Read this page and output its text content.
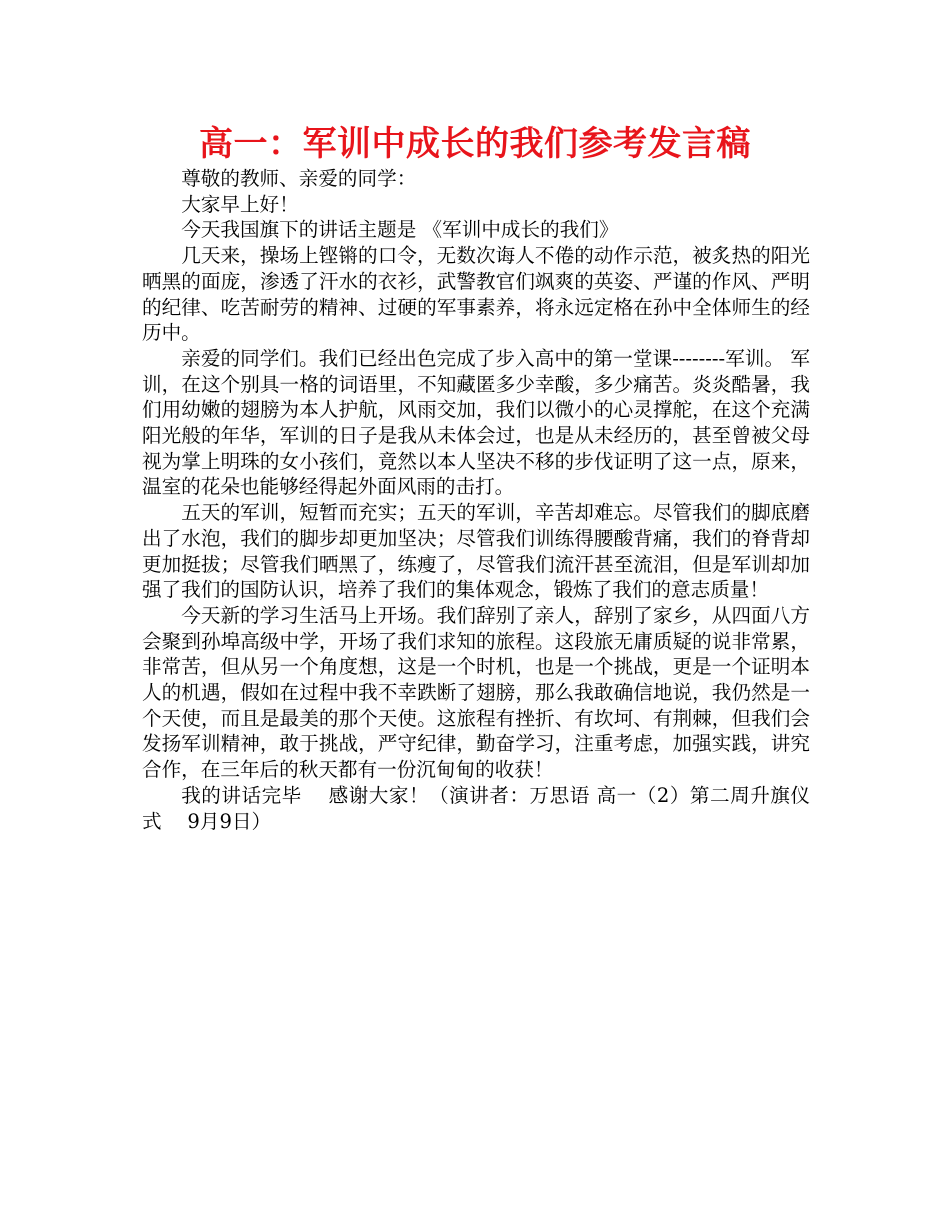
高一：军训中成长的我们参考发言稿

尊敬的教师、亲爱的同学：

大家早上好！

今天我国旗下的讲话主题是 《军训中成长的我们》

几天来，操场上铿锵的口令，无数次诲人不倦的动作示范，被炙热的阳光晒黑的面庞，渗透了汗水的衣衫，武警教官们飒爽的英姿、严谨的作风、严明的纪律、吃苦耐劳的精神、过硬的军事素养，将永远定格在孙中全体师生的经历中。

亲爱的同学们。我们已经出色完成了步入高中的第一堂课--------军训。 军训，在这个别具一格的词语里，不知藏匿多少幸酸，多少痛苦。炎炎酷暑，我们用幼嫩的翅膀为本人护航，风雨交加，我们以微小的心灵撑舵，在这个充满阳光般的年华，军训的日子是我从未体会过，也是从未经历的，甚至曾被父母视为掌上明珠的女小孩们，竟然以本人坚决不移的步伐证明了这一点，原来，温室的花朵也能够经得起外面风雨的击打。

五天的军训，短暂而充实；五天的军训，辛苦却难忘。尽管我们的脚底磨出了水泡，我们的脚步却更加坚决；尽管我们训练得腰酸背痛，我们的脊背却更加挺拔；尽管我们晒黑了，练瘦了，尽管我们流汗甚至流泪，但是军训却加强了我们的国防认识，培养了我们的集体观念，锻炼了我们的意志质量！

今天新的学习生活马上开场。我们辞别了亲人，辞别了家乡，从四面八方会聚到孙埠高级中学，开场了我们求知的旅程。这段旅无庸质疑的说非常累，非常苦，但从另一个角度想，这是一个时机，也是一个挑战，更是一个证明本人的机遇，假如在过程中我不幸跌断了翅膀，那么我敢确信地说，我仍然是一个天使，而且是最美的那个天使。这旅程有挫折、有坎坷、有荆棘，但我们会发扬军训精神，敢于挑战，严守纪律，勤奋学习，注重考虑，加强实践，讲究合作，在三年后的秋天都有一份沉甸甸的收获！

我的讲话完毕　 感谢大家！（演讲者：万思语 高一（2）第二周升旗仪式 　9月9日）
